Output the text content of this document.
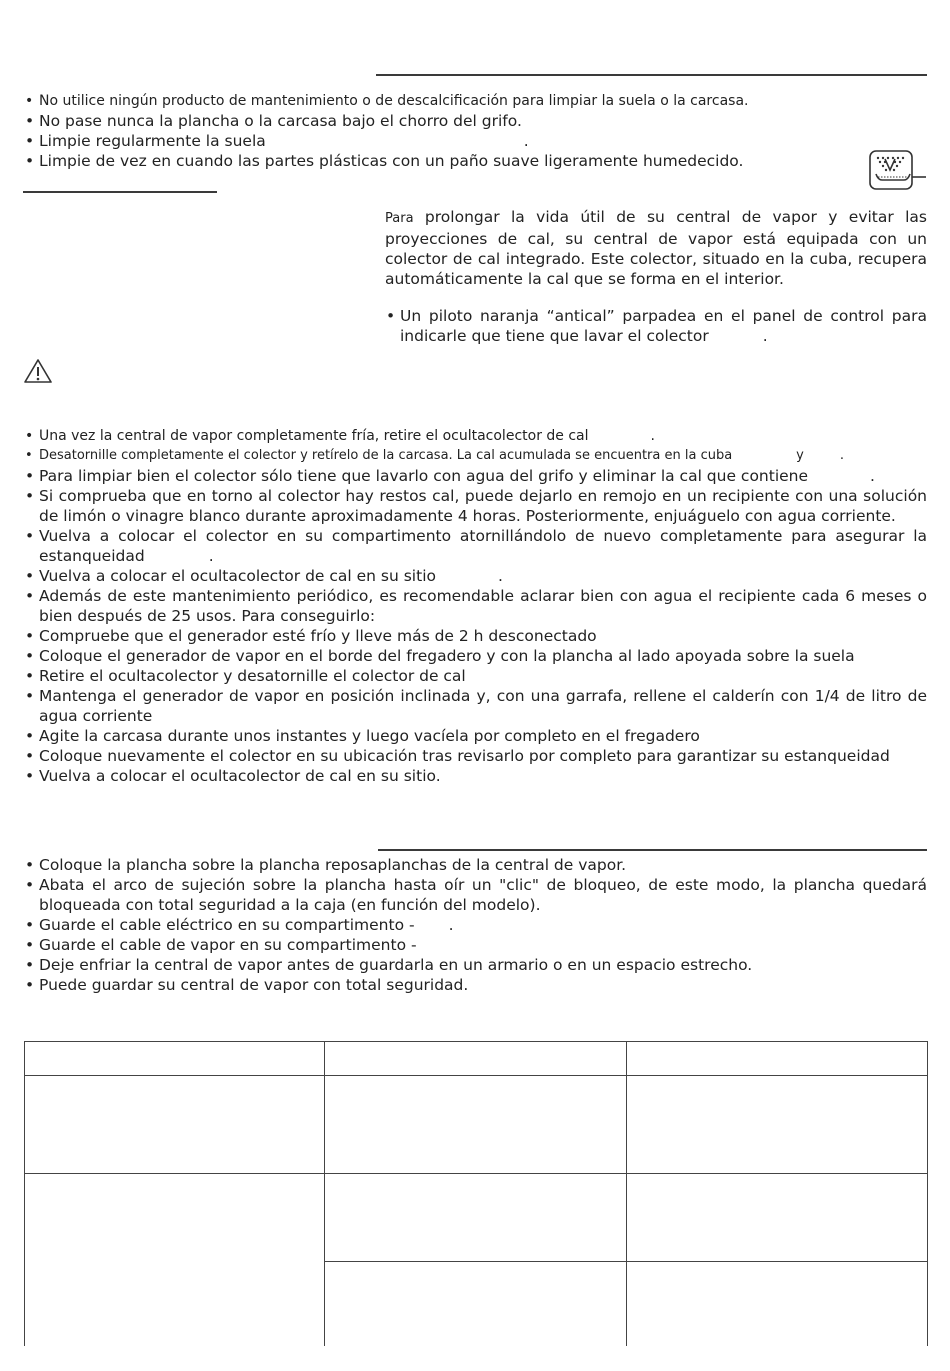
• No utilice ningún producto de mantenimiento o de descalcificación para limpiar la suela o la carcasa.
• No pase nunca la plancha o la carcasa bajo el chorro del grifo.
• Limpie regularmente la suela	.
• Limpie de vez en cuando las partes plásticas con un paño suave ligeramente humedecido.

Para prolongar la vida útil de su central de vapor y evitar las proyecciones de cal, su central de vapor está equipada con un colector de cal integrado. Este colector, situado en la cuba, recupera automáticamente la cal que se forma en el interior.

• Un piloto naranja “antical” parpadea en el panel de control para indicarle que tiene que lavar el colector	.
• Una vez la central de vapor completamente fría, retire el ocultacolector de cal	.
• Desatornille completamente el colector y retírelo de la carcasa. La cal acumulada se encuentra en la cuba	y	.
• Para limpiar bien el colector sólo tiene que lavarlo con agua del grifo y eliminar la cal que contiene	.
• Si comprueba que en torno al colector hay restos cal, puede dejarlo en remojo en un recipiente con una solución de limón o vinagre blanco durante aproximadamente 4 horas. Posteriormente, enjuáguelo con agua corriente.
• Vuelva a colocar el colector en su compartimento atornillándolo de nuevo completamente para asegurar la estanqueidad	.
• Vuelva a colocar el ocultacolector de cal en su sitio	.
• Además de este mantenimiento periódico, es recomendable aclarar bien con agua el recipiente cada 6 meses o bien después de 25 usos. Para conseguirlo:
• Compruebe que el generador esté frío y lleve más de 2 h desconectado
• Coloque el generador de vapor en el borde del fregadero y con la plancha al lado apoyada sobre la suela
• Retire el ocultacolector y desatornille el colector de cal
• Mantenga el generador de vapor en posición inclinada y, con una garrafa, rellene el calderín con 1/4 de litro de agua corriente
• Agite la carcasa durante unos instantes y luego vacíela por completo en el fregadero
• Coloque nuevamente el colector en su ubicación tras revisarlo por completo para garantizar su estanqueidad
• Vuelva a colocar el ocultacolector de cal en su sitio.
• Coloque la plancha sobre la plancha reposaplanchas de la central de vapor.
• Abata el arco de sujeción sobre la plancha hasta oír un "clic" de bloqueo, de este modo, la plancha quedará bloqueada con total seguridad a la caja (en función del modelo).
• Guarde el cable eléctrico en su compartimento - .
• Guarde el cable de vapor en su compartimento -
• Deje enfriar la central de vapor antes de guardarla en un armario o en un espacio estrecho.
• Puede guardar su central de vapor con total seguridad.
